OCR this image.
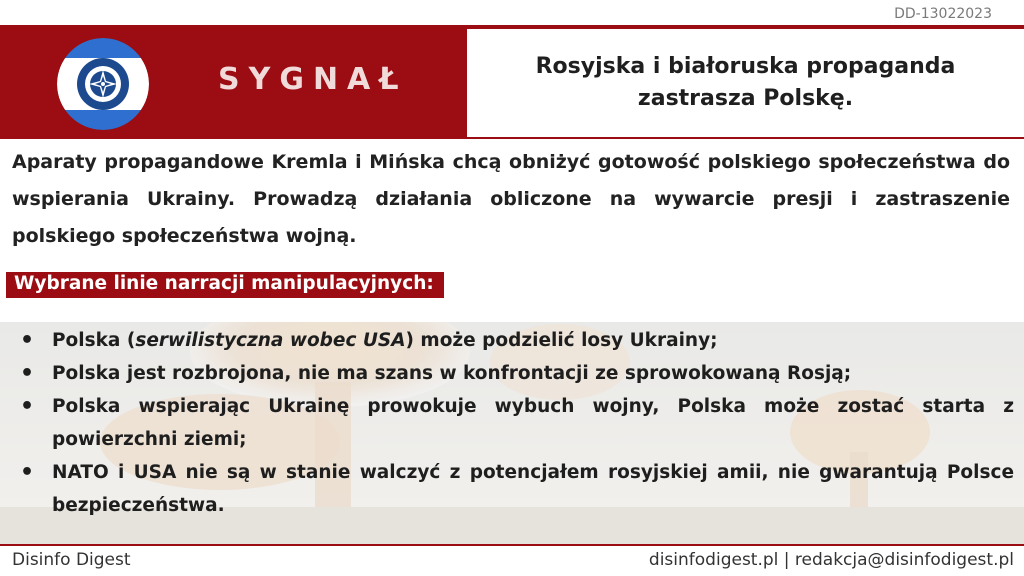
DD-13022023
SYGNAŁ	Rosyjska i białoruska propaganda zastrasza Polskę.
Aparaty propagandowe Kremla i Mińska chcą obniżyć gotowość polskiego społeczeństwa do wspierania Ukrainy. Prowadzą działania obliczone na wywarcie presji i zastraszenie polskiego społeczeństwa wojną.
Wybrane linie narracji manipulacyjnych:
• Polska (serwilistyczna wobec USA) może podzielić losy Ukrainy;
• Polska jest rozbrojona, nie ma szans w konfrontacji ze sprowokowaną Rosją;
• Polska wspierając Ukrainę prowokuje wybuch wojny, Polska może zostać starta z powierzchni ziemi;
• NATO i USA nie są w stanie walczyć z potencjałem rosyjskiej amii, nie gwarantują Polsce bezpieczeństwa.
Disinfo Digest	disinfodigest.pl | redakcja@disinfodigest.pl
